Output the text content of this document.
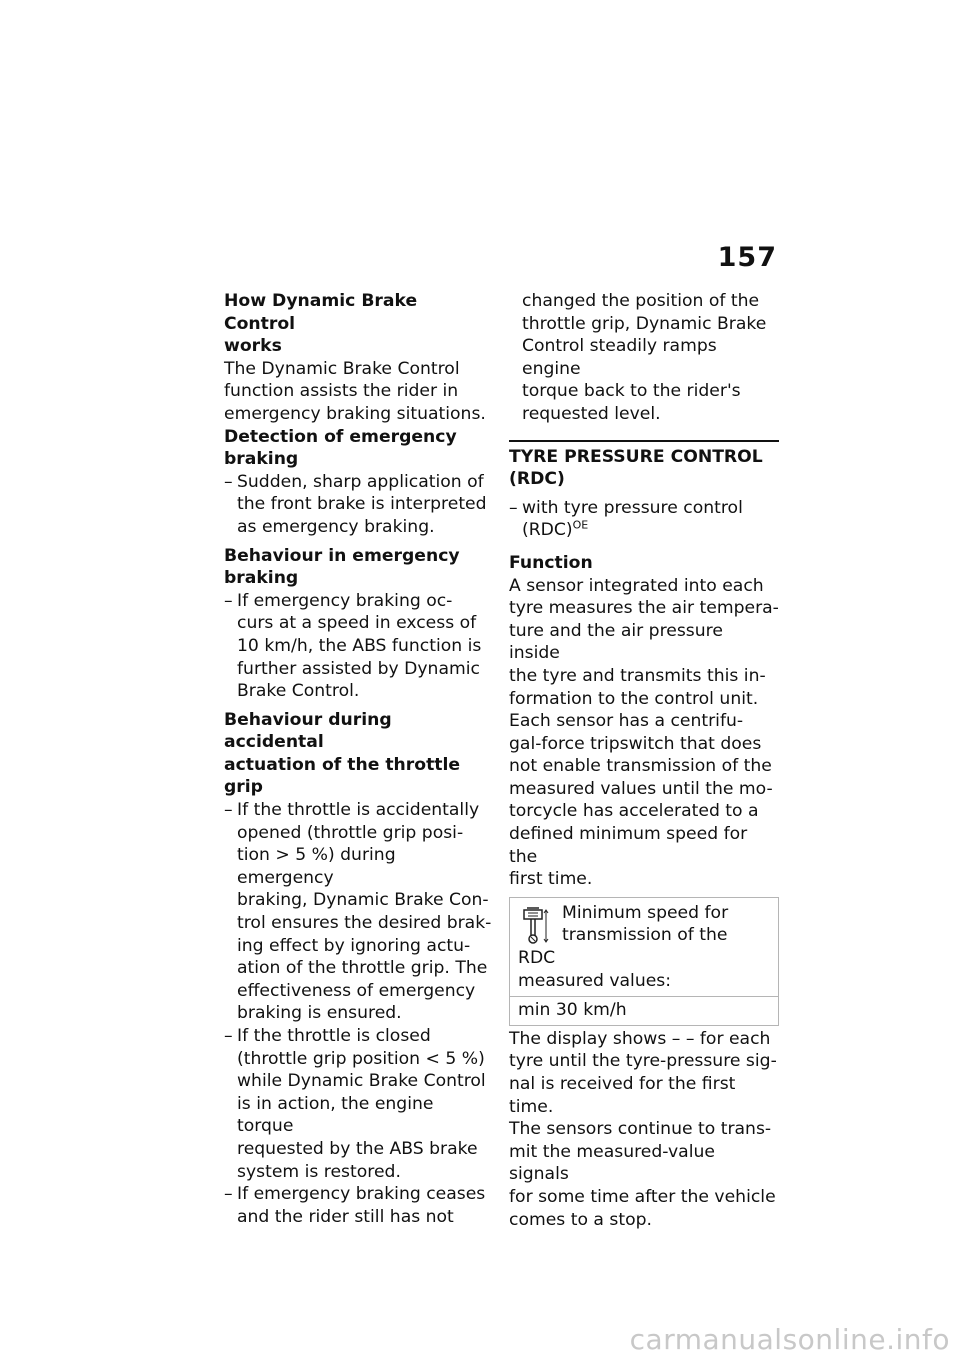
157
How Dynamic Brake Control
works

The Dynamic Brake Control
function assists the rider in
emergency braking situations.

Detection of emergency
braking

– Sudden, sharp application of
the front brake is interpreted
as emergency braking.

Behaviour in emergency
braking

– If emergency braking oc-
curs at a speed in excess of
10 km/h, the ABS function is
further assisted by Dynamic
Brake Control.

Behaviour during accidental
actuation of the throttle grip

– If the throttle is accidentally
opened (throttle grip posi-
tion > 5 %) during emergency
braking, Dynamic Brake Con-
trol ensures the desired brak-
ing effect by ignoring actu-
ation of the throttle grip. The
effectiveness of emergency
braking is ensured.

– If the throttle is closed
(throttle grip position < 5 %)
while Dynamic Brake Control
is in action, the engine torque
requested by the ABS brake
system is restored.

– If emergency braking ceases
and the rider still has not

changed the position of the
throttle grip, Dynamic Brake
Control steadily ramps engine
torque back to the rider's
requested level.

TYRE PRESSURE CONTROL
(RDC)

– with tyre pressure control
(RDC)$^{OE}$

Function

A sensor integrated into each
tyre measures the air tempera-
ture and the air pressure inside
the tyre and transmits this in-
formation to the control unit.
Each sensor has a centrifu-
gal-force tripswitch that does
not enable transmission of the
measured values until the mo-
torcycle has accelerated to a
defined minimum speed for the
first time.

Minimum speed for
transmission of the RDC
measured values:
min 30 km/h

The display shows – – for each
tyre until the tyre-pressure sig-
nal is received for the first time.
The sensors continue to trans-
mit the measured-value signals
for some time after the vehicle
comes to a stop.

carmanualsonline.info
